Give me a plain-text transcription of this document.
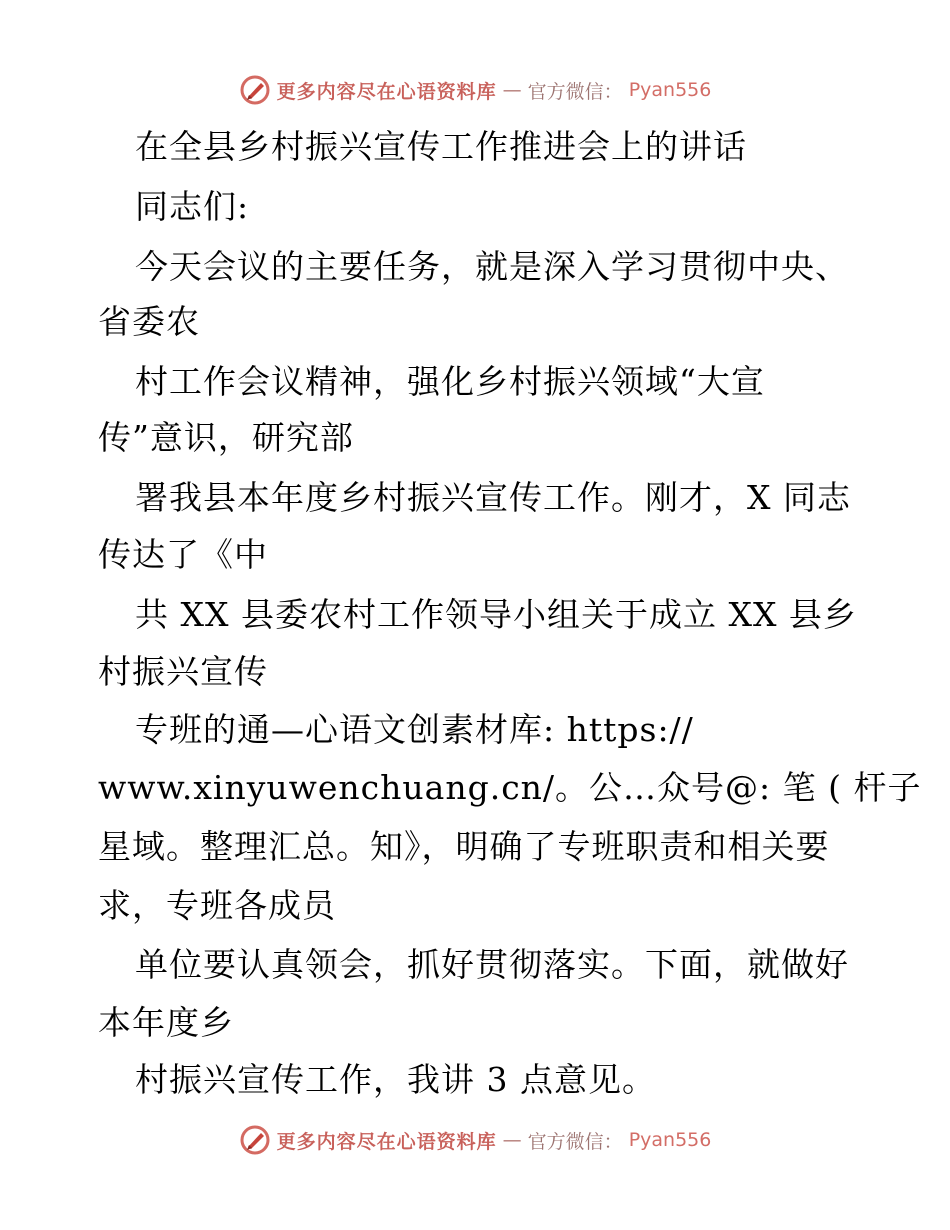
更多内容尽在心语资料库 — 官方微信： Pyan556
在全县乡村振兴宣传工作推进会上的讲话
同志们:
今天会议的主要任务，就是深入学习贯彻中央、
省委农
村工作会议精神，强化乡村振兴领域“大宣
传”意识，研究部
署我县本年度乡村振兴宣传工作。刚才，X 同志
传达了《中
共 XX 县委农村工作领导小组关于成立 XX 县乡
村振兴宣传
专班的通—心语文创素材库: https://
www.xinyuwenchuang.cn/。公…众号@: 笔 ( 杆子
星域。整理汇总。知》，明确了专班职责和相关要
求，专班各成员
单位要认真领会，抓好贯彻落实。下面，就做好
本年度乡
村振兴宣传工作，我讲 3 点意见。
更多内容尽在心语资料库 — 官方微信： Pyan556
